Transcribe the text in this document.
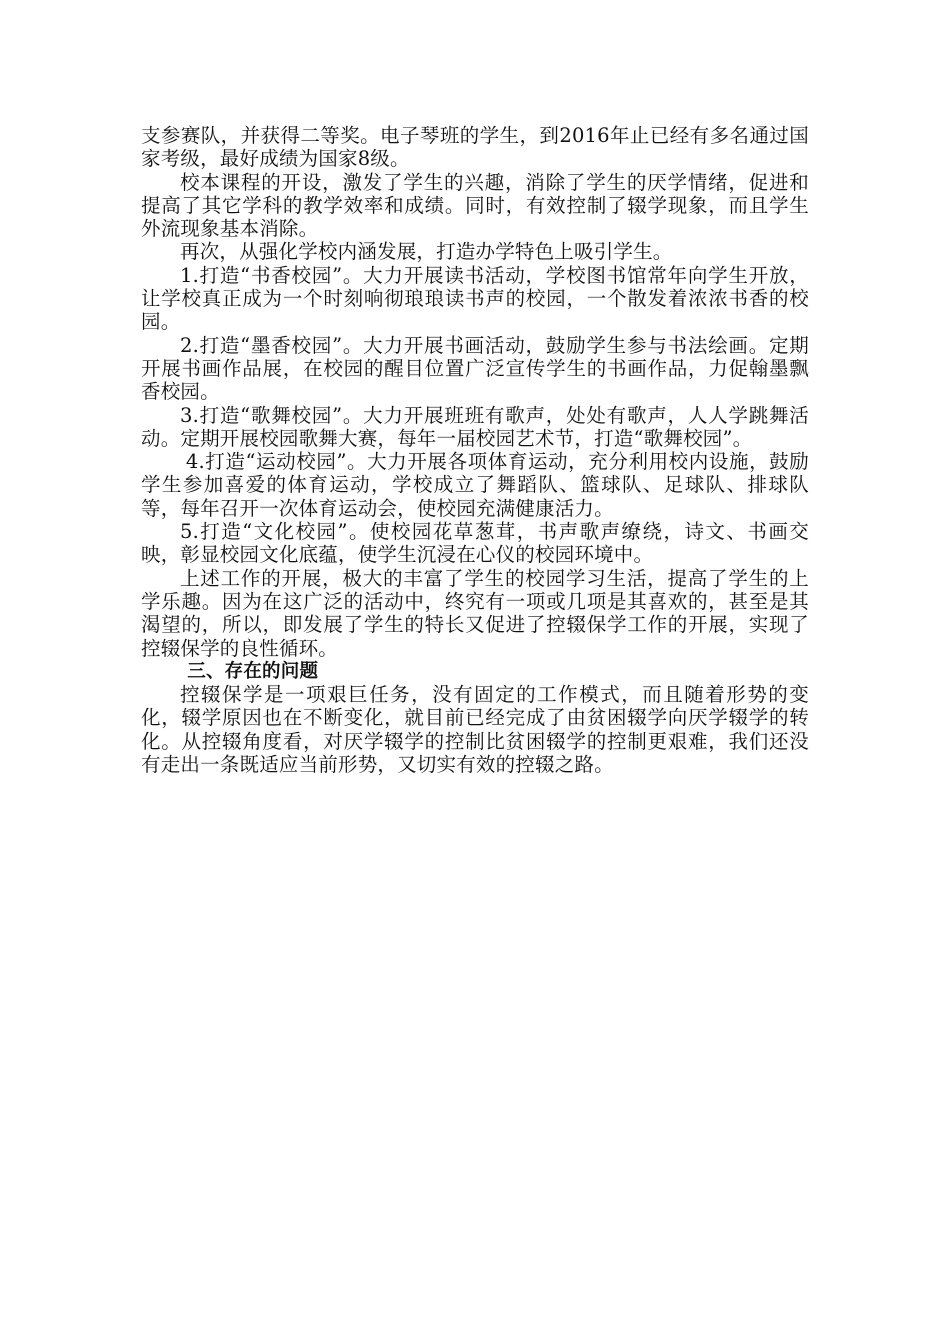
支参赛队，并获得二等奖。电子琴班的学生，到2016年止已经有多名通过国家考级，最好成绩为国家8级。

校本课程的开设，激发了学生的兴趣，消除了学生的厌学情绪，促进和提高了其它学科的教学效率和成绩。同时，有效控制了辍学现象，而且学生外流现象基本消除。

再次，从强化学校内涵发展，打造办学特色上吸引学生。

1.打造“书香校园”。大力开展读书活动，学校图书馆常年向学生开放，让学校真正成为一个时刻响彻琅琅读书声的校园，一个散发着浓浓书香的校园。

2.打造“墨香校园”。大力开展书画活动，鼓励学生参与书法绘画。定期开展书画作品展，在校园的醒目位置广泛宣传学生的书画作品，力促翰墨飘香校园。

3.打造“歌舞校园”。大力开展班班有歌声，处处有歌声，人人学跳舞活动。定期开展校园歌舞大赛，每年一届校园艺术节，打造“歌舞校园”。

4.打造“运动校园”。大力开展各项体育运动，充分利用校内设施，鼓励学生参加喜爱的体育运动，学校成立了舞蹈队、篮球队、足球队、排球队等，每年召开一次体育运动会，使校园充满健康活力。

5.打造“文化校园”。使校园花草葱茸，书声歌声缭绕，诗文、书画交映，彰显校园文化底蕴，使学生沉浸在心仪的校园环境中。

上述工作的开展，极大的丰富了学生的校园学习生活，提高了学生的上学乐趣。因为在这广泛的活动中，终究有一项或几项是其喜欢的，甚至是其渴望的，所以，即发展了学生的特长又促进了控辍保学工作的开展，实现了控辍保学的良性循环。

三、存在的问题

控辍保学是一项艰巨任务，没有固定的工作模式，而且随着形势的变化，辍学原因也在不断变化，就目前已经完成了由贫困辍学向厌学辍学的转化。从控辍角度看，对厌学辍学的控制比贫困辍学的控制更艰难，我们还没有走出一条既适应当前形势，又切实有效的控辍之路。
